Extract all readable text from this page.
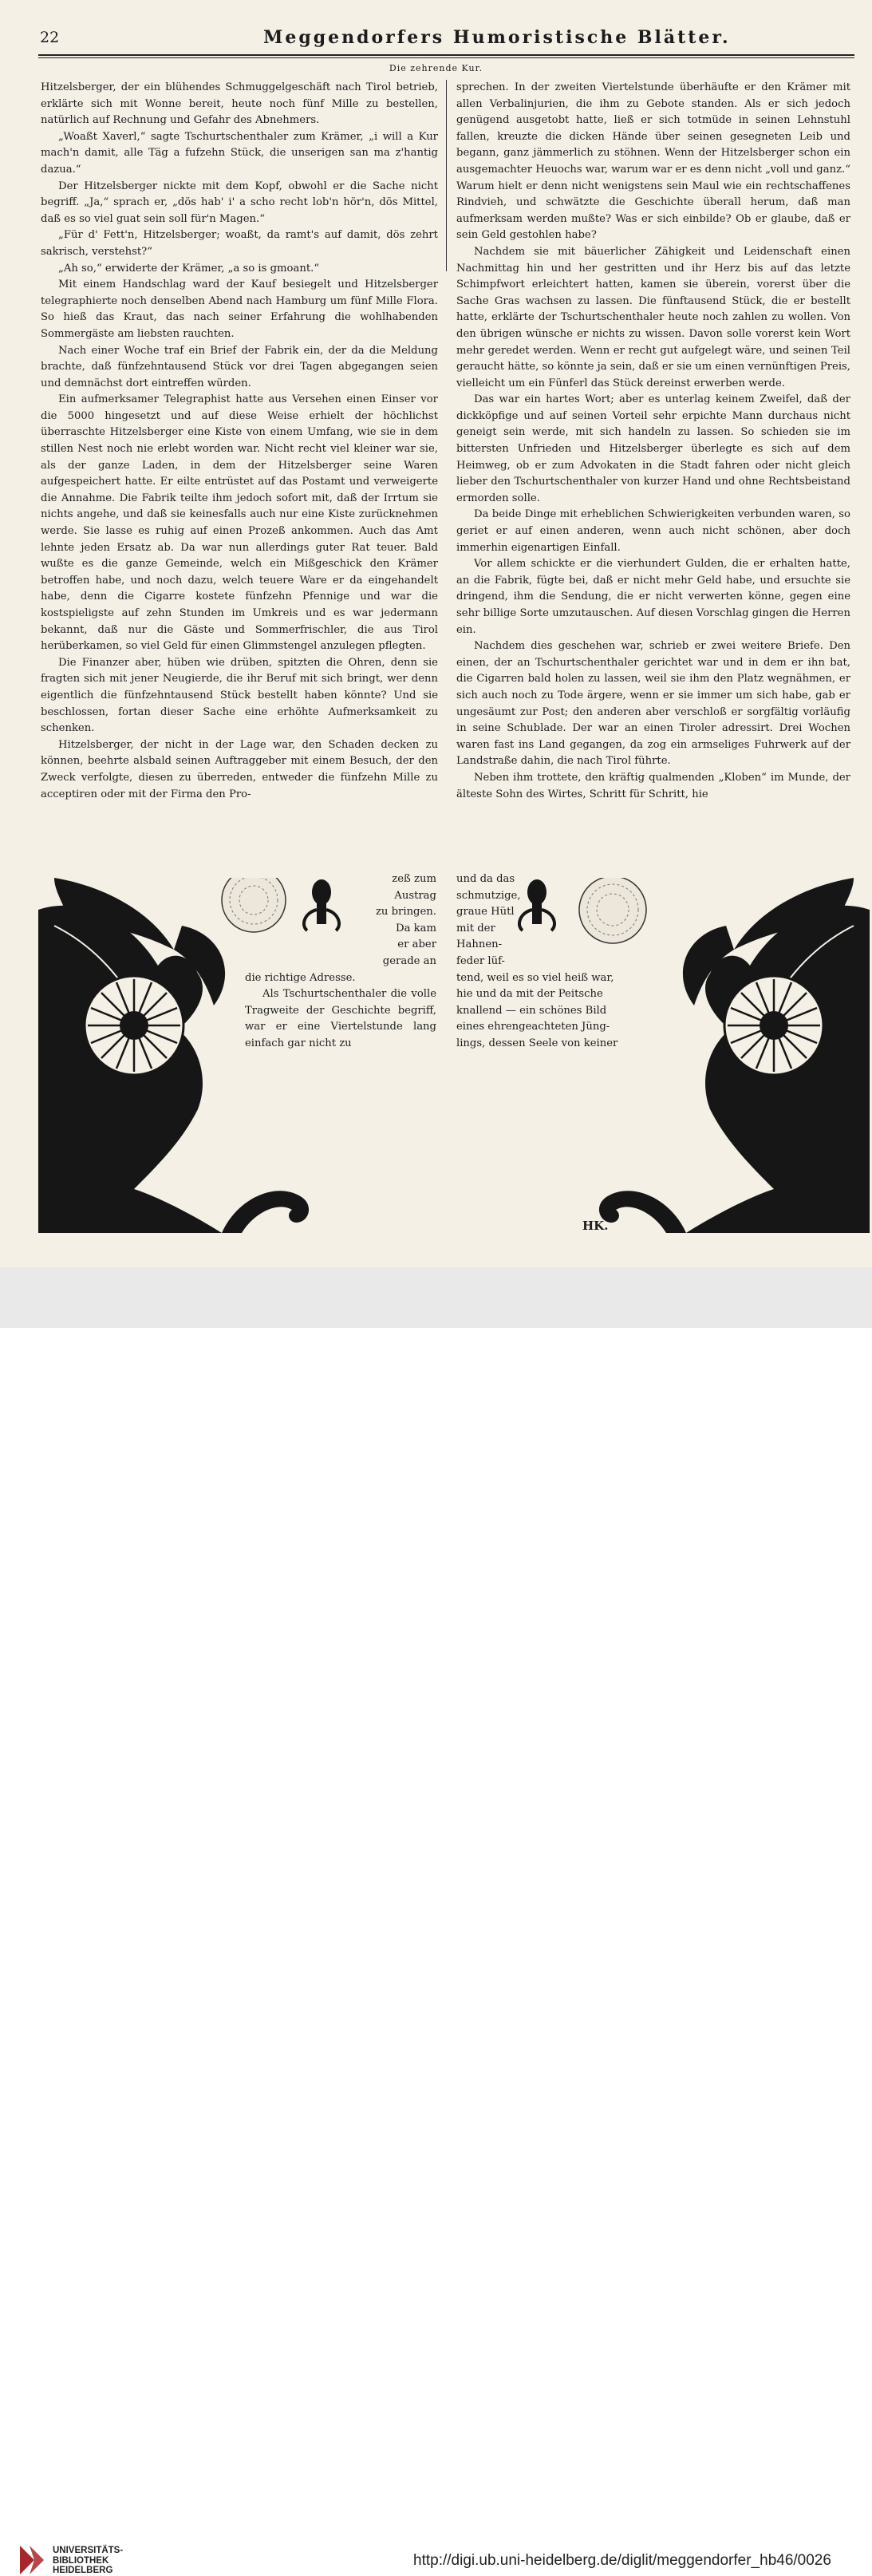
22	Meggendorfers Humoristische Blätter.
Die zehrende Kur.

Hitzelsberger, der ein blühendes Schmuggelgeschäft nach Tirol betrieb, erklärte sich mit Wonne bereit, heute noch fünf Mille zu bestellen, natürlich auf Rechnung und Gefahr des Abnehmers.

„Woaßt Xaverl,“ sagte Tschurtschenthaler zum Krämer, „i will a Kur mach'n damit, alle Täg a fufzehn Stück, die unserigen san ma z'hantig dazua.“

Der Hitzelsberger nickte mit dem Kopf, obwohl er die Sache nicht begriff. „Ja,“ sprach er, „dös hab' i' a scho recht lob'n hör'n, dös Mittel, daß es so viel guat sein soll für'n Magen.“

„Für d' Fett'n, Hitzelsberger; woaßt, da ramt's auf damit, dös zehrt sakrisch, verstehst?“

„Ah so,“ erwiderte der Krämer, „a so is gmoant.“

Mit einem Handschlag ward der Kauf besiegelt und Hitzelsberger telegraphierte noch denselben Abend nach Hamburg um fünf Mille Flora. So hieß das Kraut, das nach seiner Erfahrung die wohlhabenden Sommergäste am liebsten rauchten.

Nach einer Woche traf ein Brief der Fabrik ein, der da die Meldung brachte, daß fünfzehntausend Stück vor drei Tagen abgegangen seien und demnächst dort eintreffen würden.

Ein aufmerksamer Telegraphist hatte aus Versehen einen Einser vor die 5000 hingesetzt und auf diese Weise erhielt der höchlichst überraschte Hitzelsberger eine Kiste von einem Umfang, wie sie in dem stillen Nest noch nie erlebt worden war. Nicht recht viel kleiner war sie, als der ganze Laden, in dem der Hitzelsberger seine Waren aufgespeichert hatte. Er eilte entrüstet auf das Postamt und verweigerte die Annahme. Die Fabrik teilte ihm jedoch sofort mit, daß der Irrtum sie nichts angehe, und daß sie keinesfalls auch nur eine Kiste zurücknehmen werde. Sie lasse es ruhig auf einen Prozeß ankommen. Auch das Amt lehnte jeden Ersatz ab. Da war nun allerdings guter Rat teuer. Bald wußte es die ganze Gemeinde, welch ein Mißgeschick den Krämer betroffen habe, und noch dazu, welch teuere Ware er da eingehandelt habe, denn die Cigarre kostete fünfzehn Pfennige und war die kostspieligste auf zehn Stunden im Umkreis und es war jedermann bekannt, daß nur die Gäste und Sommerfrischler, die aus Tirol herüberkamen, so viel Geld für einen Glimmstengel anzulegen pflegten.

Die Finanzer aber, hüben wie drüben, spitzten die Ohren, denn sie fragten sich mit jener Neugierde, die ihr Beruf mit sich bringt, wer denn eigentlich die fünfzehntausend Stück bestellt haben könnte? Und sie beschlossen, fortan dieser Sache eine erhöhte Aufmerksamkeit zu schenken.

Hitzelsberger, der nicht in der Lage war, den Schaden decken zu können, beehrte alsbald seinen Auftraggeber mit einem Besuch, der den Zweck verfolgte, diesen zu überreden, entweder die fünfzehn Mille zu acceptiren oder mit der Firma den Pro-

sprechen. In der zweiten Viertelstunde überhäufte er den Krämer mit allen Verbalinjurien, die ihm zu Gebote standen. Als er sich jedoch genügend ausgetobt hatte, ließ er sich totmüde in seinen Lehnstuhl fallen, kreuzte die dicken Hände über seinen gesegneten Leib und begann, ganz jämmerlich zu stöhnen. Wenn der Hitzelsberger schon ein ausgemachter Heuochs war, warum war er es denn nicht „voll und ganz.“ Warum hielt er denn nicht wenigstens sein Maul wie ein rechtschaffenes Rindvieh, und schwätzte die Geschichte überall herum, daß man aufmerksam werden mußte? Was er sich einbilde? Ob er glaube, daß er sein Geld gestohlen habe?

Nachdem sie mit bäuerlicher Zähigkeit und Leidenschaft einen Nachmittag hin und her gestritten und ihr Herz bis auf das letzte Schimpfwort erleichtert hatten, kamen sie überein, vorerst über die Sache Gras wachsen zu lassen. Die fünftausend Stück, die er bestellt hatte, erklärte der Tschurtschenthaler heute noch zahlen zu wollen. Von den übrigen wünsche er nichts zu wissen. Davon solle vorerst kein Wort mehr geredet werden. Wenn er recht gut aufgelegt wäre, und seinen Teil geraucht hätte, so könnte ja sein, daß er sie um einen vernünftigen Preis, vielleicht um ein Fünferl das Stück dereinst erwerben werde.

Das war ein hartes Wort; aber es unterlag keinem Zweifel, daß der dickköpfige und auf seinen Vorteil sehr erpichte Mann durchaus nicht geneigt sein werde, mit sich handeln zu lassen. So schieden sie im bittersten Unfrieden und Hitzelsberger überlegte es sich auf dem Heimweg, ob er zum Advokaten in die Stadt fahren oder nicht gleich lieber den Tschurtschenthaler von kurzer Hand und ohne Rechtsbeistand ermorden solle.

Da beide Dinge mit erheblichen Schwierigkeiten verbunden waren, so geriet er auf einen anderen, wenn auch nicht schönen, aber doch immerhin eigenartigen Einfall.

Vor allem schickte er die vierhundert Gulden, die er erhalten hatte, an die Fabrik, fügte bei, daß er nicht mehr Geld habe, und ersuchte sie dringend, ihm die Sendung, die er nicht verwerten könne, gegen eine sehr billige Sorte umzutauschen. Auf diesen Vorschlag gingen die Herren ein.

Nachdem dies geschehen war, schrieb er zwei weitere Briefe. Den einen, der an Tschurtschenthaler gerichtet war und in dem er ihn bat, die Cigarren bald holen zu lassen, weil sie ihm den Platz wegnähmen, er sich auch noch zu Tode ärgere, wenn er sie immer um sich habe, gab er ungesäumt zur Post; den anderen aber verschloß er sorgfältig vorläufig in seine Schublade. Der war an einen Tiroler adressirt. Drei Wochen waren fast ins Land gegangen, da zog ein armseliges Fuhrwerk auf der Landstraße dahin, die nach Tirol führte.

Neben ihm trottete, den kräftig qualmenden „Kloben“ im Munde, der älteste Sohn des Wirtes, Schritt für Schritt, hie

zeß zum

Austrag

zu bringen.

Da kam

er aber

gerade an

die richtige Adresse.

Als Tschurtschenthaler die volle Tragweite der Geschichte begriff, war er eine Viertelstunde lang einfach gar nicht zu

und da das

schmutzige,

graue Hütl

mit der

Hahnen-

feder lüf-

tend, weil es so viel heiß war,

hie und da mit der Peitsche

knallend — ein schönes Bild

eines ehrengeachteten Jüng-

lings, dessen Seele von keiner

HK.
UNIVERSITÄTS-
BIBLIOTHEK
HEIDELBERG
http://digi.ub.uni-heidelberg.de/diglit/meggendorfer_hb46/0026
